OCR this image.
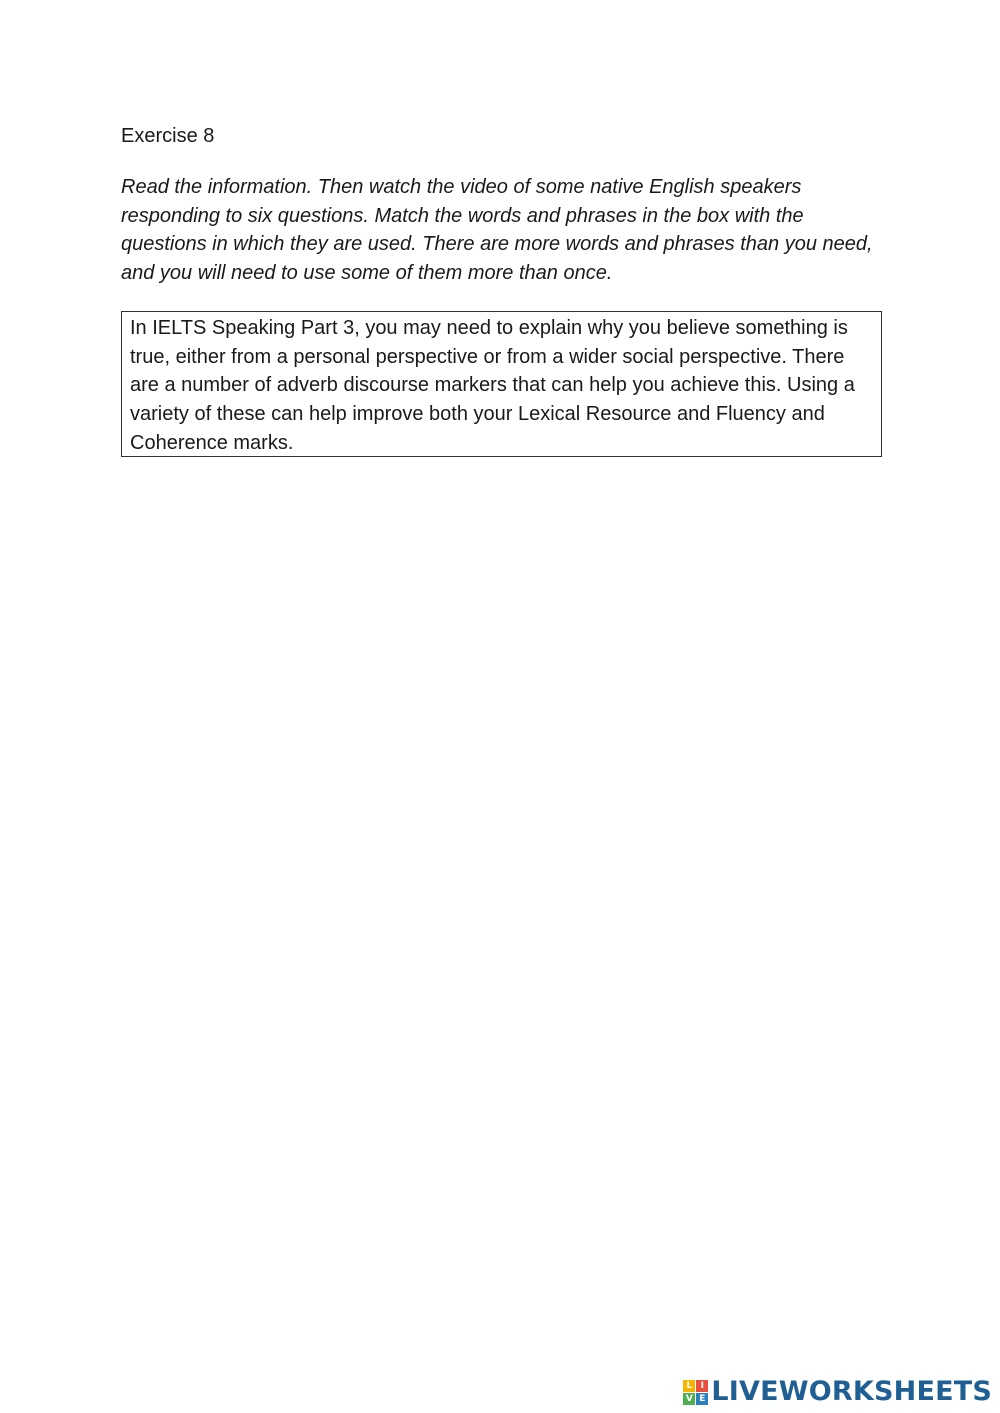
Exercise 8

Read the information. Then watch the video of some native English speakers responding to six questions. Match the words and phrases in the box with the questions in which they are used. There are more words and phrases than you need, and you will need to use some of them more than once.

In IELTS Speaking Part 3, you may need to explain why you believe something is true, either from a personal perspective or from a wider social perspective. There are a number of adverb discourse markers that can help you achieve this. Using a variety of these can help improve both your Lexical Resource and Fluency and Coherence marks.

L I
V E LIVEWORKSHEETS
